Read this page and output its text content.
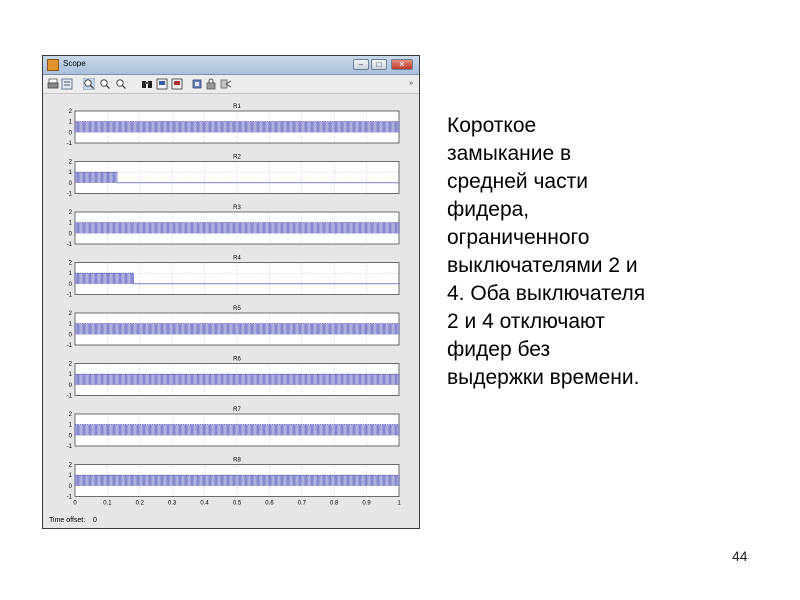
Scope	–	□	✕
»
R1
2
1
0
-1
R2
2
1
0
-1
R3
2
1
0
-1
R4
2
1
0
-1
R5
2
1
0
-1
R6
2
1
0
-1
R7
2
1
0
-1
R8
2
1
0
-1
0	0.1	0.2	0.3	0.4	0.5	0.6	0.7	0.8	0.9	1
Time offset: 0

Короткое
замыкание в
средней части
фидера,
ограниченного
выключателями 2 и
4. Оба выключателя
2 и 4 отключают
фидер без
выдержки времени.

44
